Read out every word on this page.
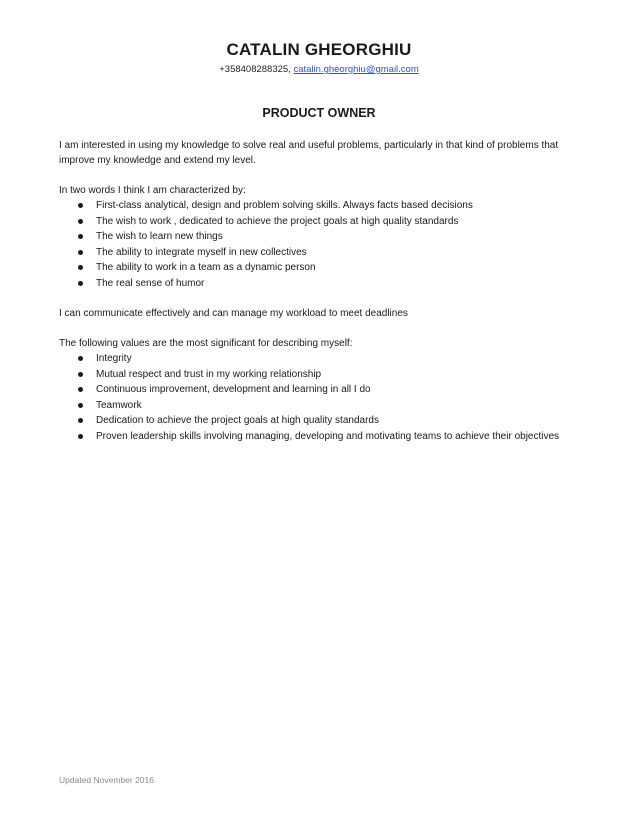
CATALIN GHEORGHIU
+358408288325, catalin.gheorghiu@gmail.com
PRODUCT OWNER

I am interested in using my knowledge to solve real and useful problems, particularly in that kind of problems that improve my knowledge and extend my level.

In two words I think I am characterized by:

First-class analytical, design and problem solving skills. Always facts based decisions
The wish to work , dedicated to achieve the project goals at high quality standards
The wish to learn new things
The ability to integrate myself in new collectives
The ability to work in a team as a dynamic person
The real sense of humor

I can communicate effectively and can manage my workload to meet deadlines

The following values are the most significant for describing myself:

Integrity
Mutual respect and trust in my working relationship
Continuous improvement, development and learning in all I do
Teamwork
Dedication to achieve the project goals at high quality standards
Proven leadership skills involving managing, developing and motivating teams to achieve their objectives
Updated November 2016
